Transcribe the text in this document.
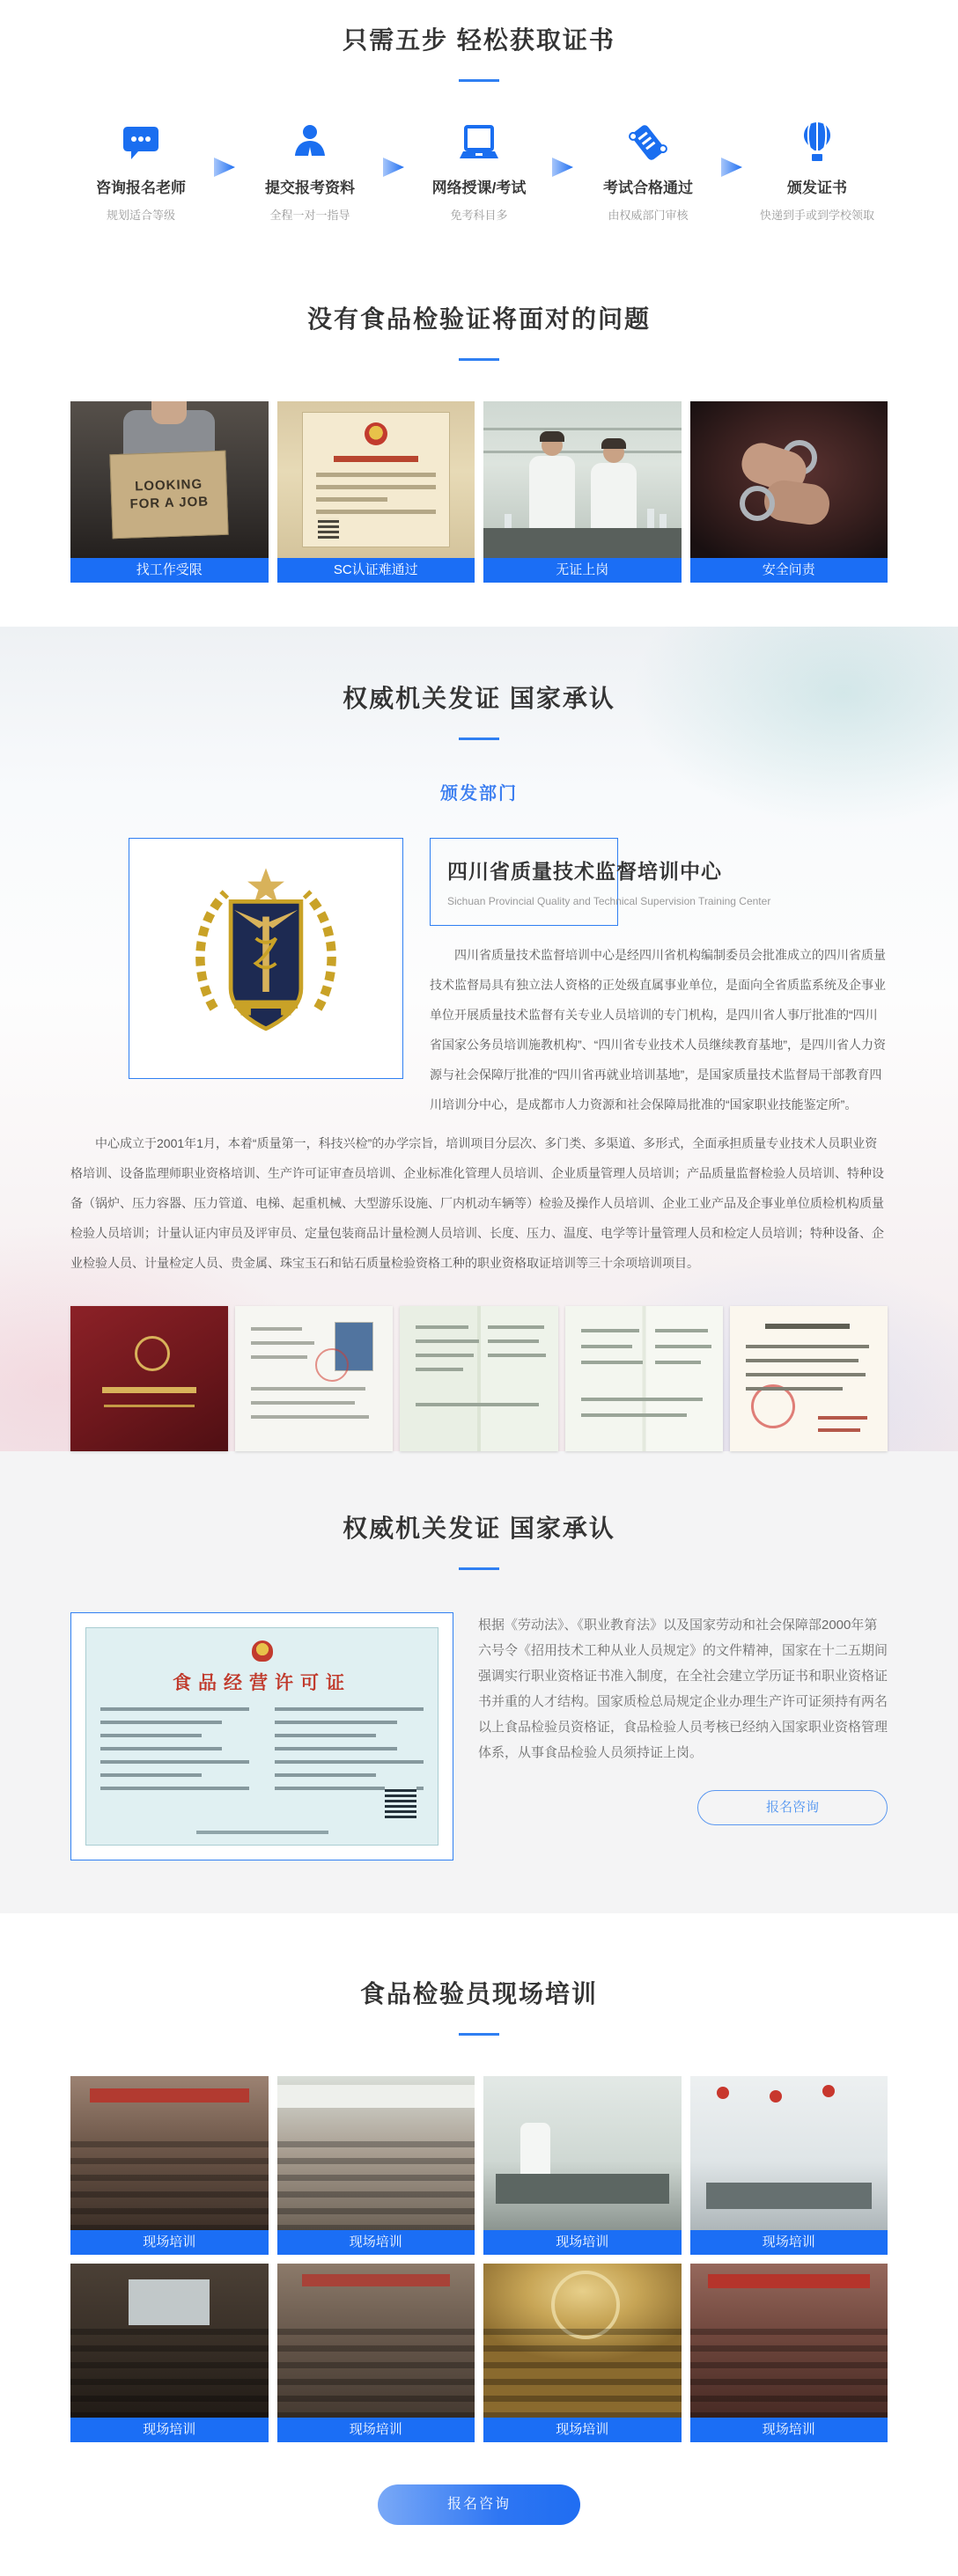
只需五步 轻松获取证书
咨询报名老师
规划适合等级
提交报考资料
全程一对一指导
网络授课/考试
免考科目多
考试合格通过
由权威部门审核
颁发证书
快递到手或到学校领取
没有食品检验证将面对的问题
LOOKING FOR A JOB
找工作受限	SC认证难通过	无证上岗	安全问责
权威机关发证 国家承认
颁发部门
四川省质量技术监督培训中心
Sichuan Provincial Quality and Technical Supervision Training Center

四川省质量技术监督培训中心是经四川省机构编制委员会批准成立的四川省质量技术监督局具有独立法人资格的正处级直属事业单位，是面向全省质监系统及企事业单位开展质量技术监督有关专业人员培训的专门机构，是四川省人事厅批准的“四川省国家公务员培训施教机构”、“四川省专业技术人员继续教育基地”，是四川省人力资源与社会保障厅批准的“四川省再就业培训基地”，是国家质量技术监督局干部教育四川培训分中心，是成都市人力资源和社会保障局批准的“国家职业技能鉴定所”。

中心成立于2001年1月，本着“质量第一，科技兴检”的办学宗旨，培训项目分层次、多门类、多渠道、多形式，全面承担质量专业技术人员职业资格培训、设备监理师职业资格培训、生产许可证审查员培训、企业标准化管理人员培训、企业质量管理人员培训；产品质量监督检验人员培训、特种设备（锅炉、压力容器、压力管道、电梯、起重机械、大型游乐设施、厂内机动车辆等）检验及操作人员培训、企业工业产品及企事业单位质检机构质量检验人员培训；计量认证内审员及评审员、定量包装商品计量检测人员培训、长度、压力、温度、电学等计量管理人员和检定人员培训；特种设备、企业检验人员、计量检定人员、贵金属、珠宝玉石和钻石质量检验资格工种的职业资格取证培训等三十余项培训项目。

权威机关发证 国家承认
食品经营许可证

根据《劳动法》、《职业教育法》以及国家劳动和社会保障部2000年第六号令《招用技术工种从业人员规定》的文件精神，国家在十二五期间强调实行职业资格证书准入制度，在全社会建立学历证书和职业资格证书并重的人才结构。国家质检总局规定企业办理生产许可证须持有两名以上食品检验员资格证，食品检验人员考核已经纳入国家职业资格管理体系，从事食品检验人员须持证上岗。

报名咨询
食品检验员现场培训
现场培训	现场培训	现场培训	现场培训
现场培训	现场培训	现场培训	现场培训
报名咨询
